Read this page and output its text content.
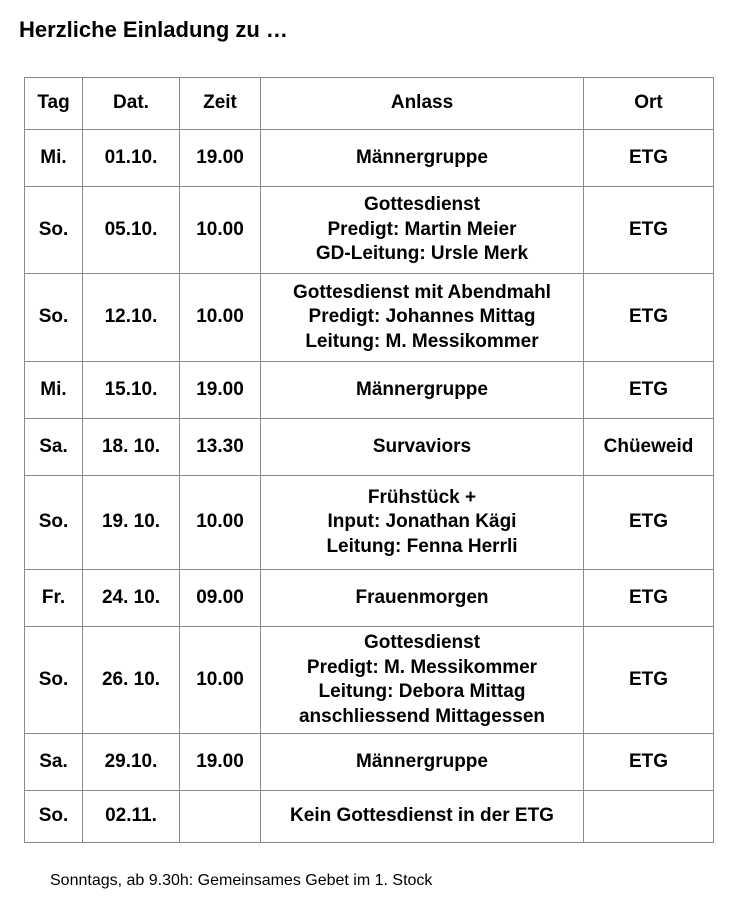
Herzliche Einladung zu …
Tag	Dat.	Zeit	Anlass	Ort
Mi.	01.10.	19.00	Männergruppe	ETG
So.	05.10.	10.00	Gottesdienst
Predigt: Martin Meier
GD-Leitung: Ursle Merk	ETG
So.	12.10.	10.00	Gottesdienst mit Abendmahl
Predigt: Johannes Mittag
Leitung: M. Messikommer	ETG
Mi.	15.10.	19.00	Männergruppe	ETG
Sa.	18. 10.	13.30	Survaviors	Chüeweid
So.	19. 10.	10.00	Frühstück +
Input: Jonathan Kägi
Leitung: Fenna Herrli	ETG
Fr.	24. 10.	09.00	Frauenmorgen	ETG
So.	26. 10.	10.00	Gottesdienst
Predigt: M. Messikommer
Leitung: Debora Mittag
anschliessend Mittagessen	ETG
Sa.	29.10.	19.00	Männergruppe	ETG
So.	02.11.		Kein Gottesdienst in der ETG	

Sonntags, ab 9.30h: Gemeinsames Gebet im 1. Stock
